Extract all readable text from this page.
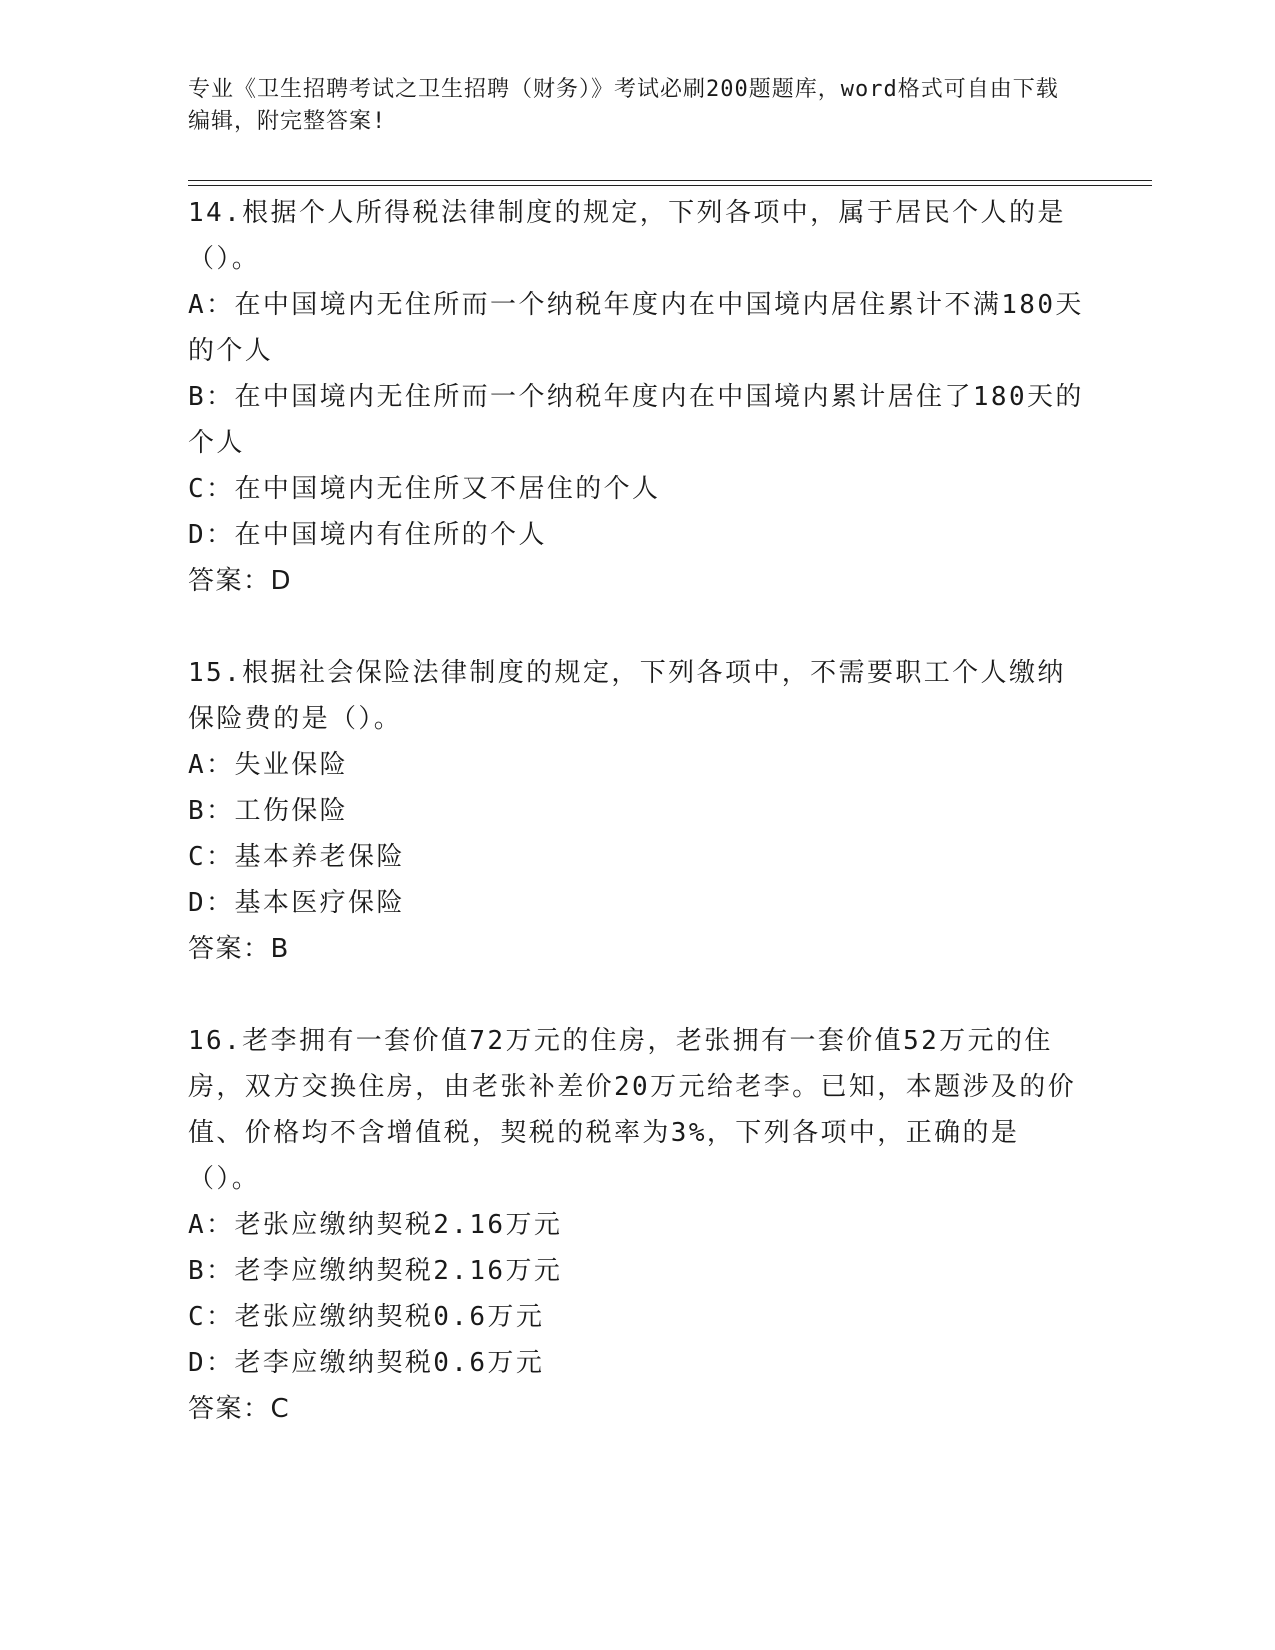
专业《卫生招聘考试之卫生招聘（财务）》考试必刷200题题库，word格式可自由下载编辑，附完整答案!
14.根据个人所得税法律制度的规定，下列各项中，属于居民个人的是（）。
A：在中国境内无住所而一个纳税年度内在中国境内居住累计不满180天的个人
B：在中国境内无住所而一个纳税年度内在中国境内累计居住了180天的个人
C：在中国境内无住所又不居住的个人
D：在中国境内有住所的个人
答案：D
15.根据社会保险法律制度的规定，下列各项中，不需要职工个人缴纳保险费的是（）。
A：失业保险
B：工伤保险
C：基本养老保险
D：基本医疗保险
答案：B
16.老李拥有一套价值72万元的住房，老张拥有一套价值52万元的住房，双方交换住房，由老张补差价20万元给老李。已知，本题涉及的价值、价格均不含增值税，契税的税率为3%，下列各项中，正确的是（）。
A：老张应缴纳契税2.16万元
B：老李应缴纳契税2.16万元
C：老张应缴纳契税0.6万元
D：老李应缴纳契税0.6万元
答案：C
